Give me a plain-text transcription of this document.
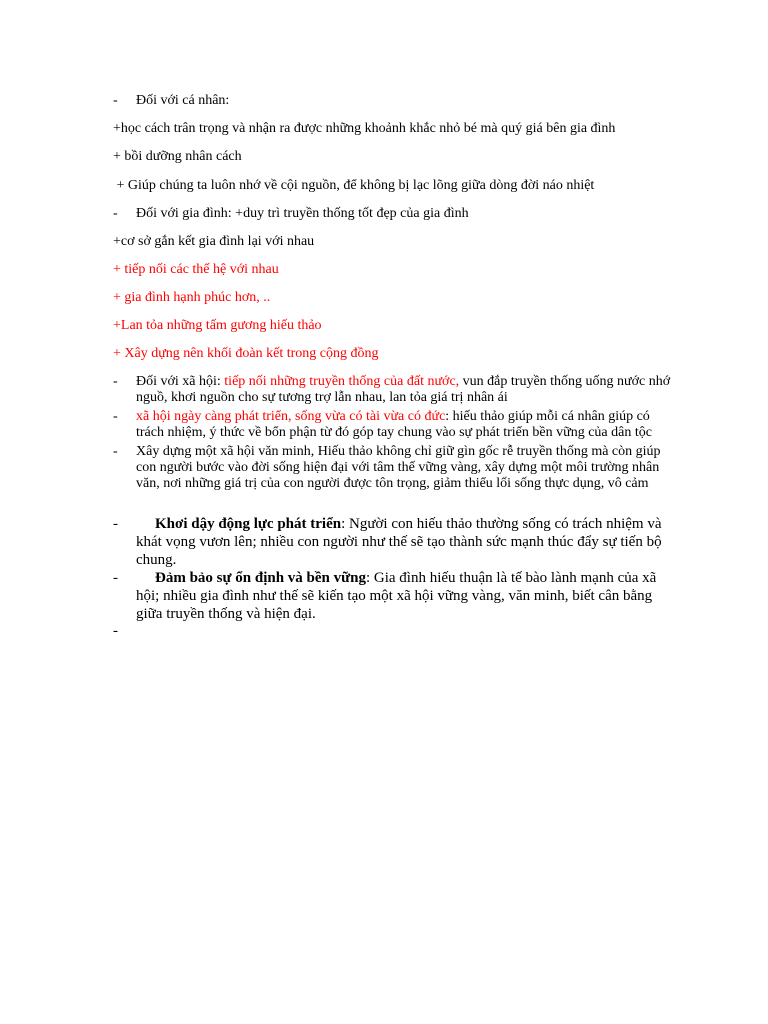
- Đối với cá nhân:
+học cách trân trọng và nhận ra được những khoảnh khắc nhỏ bé mà quý giá bên gia đình
+ bồi dưỡng nhân cách
+ Giúp chúng ta luôn nhớ về cội nguồn, để không bị lạc lõng giữa dòng đời náo nhiệt
- Đối với gia đình: +duy trì truyền thống tốt đẹp của gia đình
+cơ sở gắn kết gia đình lại với nhau
+ tiếp nối các thế hệ với nhau
+ gia đình hạnh phúc hơn, ..
+Lan tỏa những tấm gương hiếu thảo
+ Xây dựng nên khối đoàn kết trong cộng đồng
- Đối với xã hội: tiếp nối những truyền thống của đất nước, vun đắp truyền thống uống nước nhớ nguồ, khơi nguồn cho sự tương trợ lẫn nhau, lan tỏa giá trị nhân ái
- xã hội ngày càng phát triển, sống vừa có tài vừa có đức: hiếu thảo giúp mỗi cá nhân giúp có trách nhiệm, ý thức về bổn phận từ đó góp tay chung vào sự phát triển bền vững của dân tộc
- Xây dựng một xã hội văn minh, Hiếu thảo không chỉ giữ gìn gốc rễ truyền thống mà còn giúp con người bước vào đời sống hiện đại với tâm thế vững vàng, xây dựng một môi trường nhân văn, nơi những giá trị của con người được tôn trọng, giảm thiểu lối sống thực dụng, vô cảm
-	Khơi dậy động lực phát triển: Người con hiếu thảo thường sống có trách nhiệm và khát vọng vươn lên; nhiều con người như thế sẽ tạo thành sức mạnh thúc đẩy sự tiến bộ chung.
-	Đảm bảo sự ổn định và bền vững: Gia đình hiếu thuận là tế bào lành mạnh của xã hội; nhiều gia đình như thế sẽ kiến tạo một xã hội vững vàng, văn minh, biết cân bằng giữa truyền thống và hiện đại.
-
